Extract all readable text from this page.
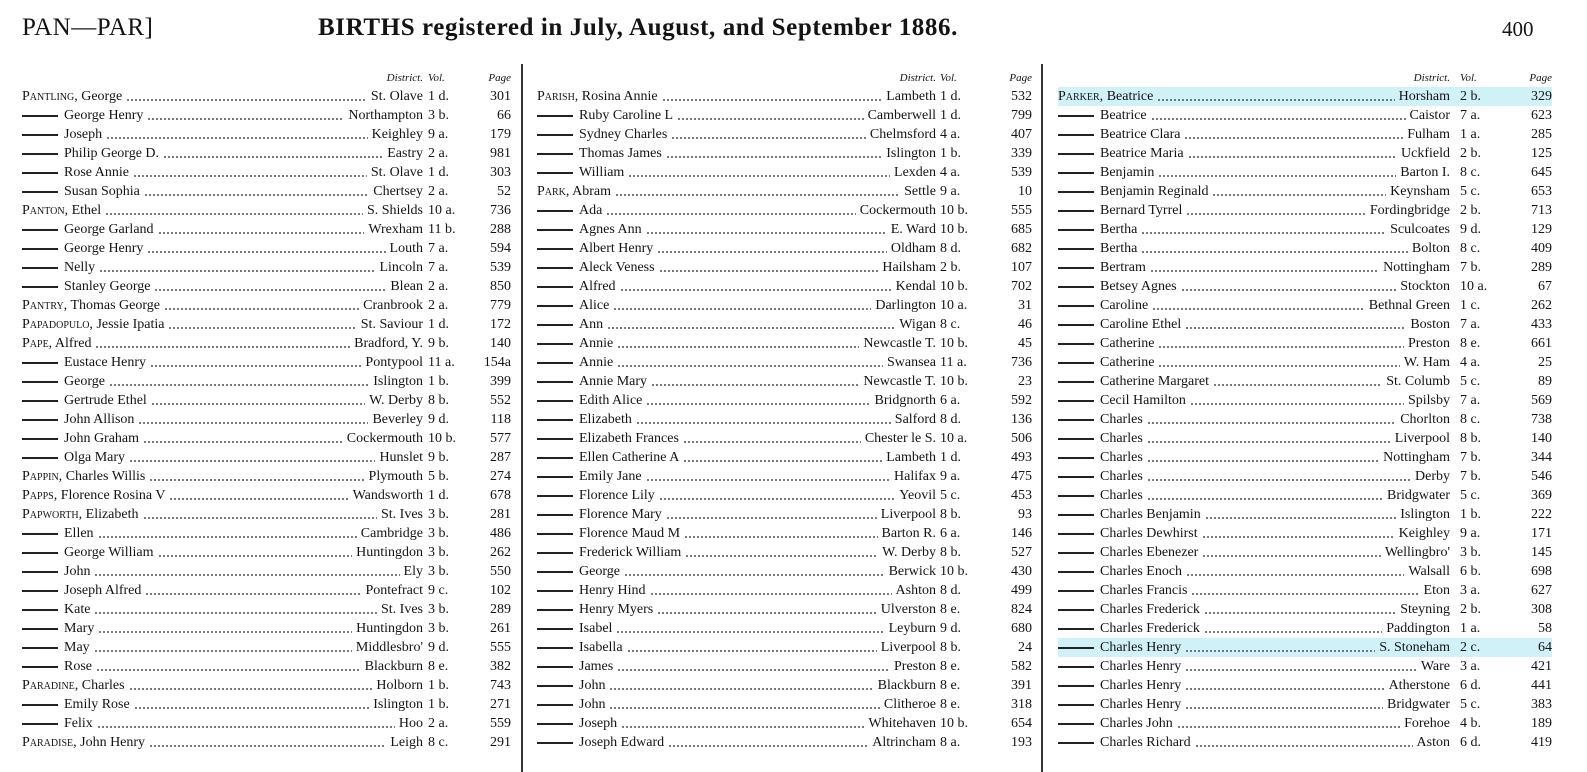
PAN—PAR]	BIRTHS registered in July, August, and September 1886.	400
District. Vol.	Page
Pantling, George	St. Olave 1 d.	301
George Henry	Northampton 3 b.	66
Joseph	Keighley 9 a.	179
Philip George D.	Eastry 2 a.	981
Rose Annie	St. Olave 1 d.	303
Susan Sophia	Chertsey 2 a.	52
Panton, Ethel	S. Shields 10 a. 736
George Garland	Wrexham 11 b. 288
George Henry	Louth 7 a.	594
Nelly	Lincoln 7 a.	539
Stanley George	Blean 2 a.	850
Pantry, Thomas George	Cranbrook 2 a.	779
Papadopulo, Jessie Ipatia	St. Saviour 1 d.	172
Pape, Alfred	Bradford, Y. 9 b.	140
Eustace Henry	Pontypool 11 a. 154a
George	Islington 1 b.	399
Gertrude Ethel	W. Derby 8 b.	552
John Allison	Beverley 9 d.	118
John Graham	Cockermouth 10 b. 577
Olga Mary	Hunslet 9 b.	287
Pappin, Charles Willis	Plymouth 5 b.	274
Papps, Florence Rosina V	Wandsworth 1 d.	678
Papworth, Elizabeth	St. Ives 3 b.	281
Ellen	Cambridge 3 b.	486
George William	Huntingdon 3 b.	262
John	Ely 3 b.	550
Joseph Alfred	Pontefract 9 c.	102
Kate	St. Ives 3 b.	289
Mary	Huntingdon 3 b.	261
May	Middlesbro' 9 d.	555
Rose	Blackburn 8 e.	382
Paradine, Charles	Holborn 1 b.	743
Emily Rose	Islington 1 b.	271
Felix	Hoo 2 a.	559
Paradise, John Henry	Leigh 8 c.	291
District. Vol.	Page
Parish, Rosina Annie	Lambeth 1 d.	532
Ruby Caroline L	Camberwell 1 d.	799
Sydney Charles	Chelmsford 4 a.	407
Thomas James	Islington 1 b.	339
William	Lexden 4 a.	539
Park, Abram	Settle 9 a.	10
Ada	Cockermouth 10 b.	555
Agnes Ann	E. Ward 10 b.	685
Albert Henry	Oldham 8 d.	682
Aleck Veness	Hailsham 2 b.	107
Alfred	Kendal 10 b.	702
Alice	Darlington 10 a.	31
Ann	Wigan 8 c.	46
Annie	Newcastle T. 10 b.	45
Annie	Swansea 11 a.	736
Annie Mary	Newcastle T. 10 b.	23
Edith Alice	Bridgnorth 6 a.	592
Elizabeth	Salford 8 d.	136
Elizabeth Frances	Chester le S. 10 a.	506
Ellen Catherine A	Lambeth 1 d.	493
Emily Jane	Halifax 9 a.	475
Florence Lily	Yeovil 5 c.	453
Florence Mary	Liverpool 8 b.	93
Florence Maud M	Barton R. 6 a.	146
Frederick William	W. Derby 8 b.	527
George	Berwick 10 b.	430
Henry Hind	Ashton 8 d.	499
Henry Myers	Ulverston 8 e.	824
Isabel	Leyburn 9 d.	680
Isabella	Liverpool 8 b.	24
James	Preston 8 e.	582
John	Blackburn 8 e.	391
John	Clitheroe 8 e.	318
Joseph	Whitehaven 10 b.	654
Joseph Edward	Altrincham 8 a.	193
District. Vol.	Page
Parker, Beatrice	Horsham 2 b.	329
Beatrice	Caistor 7 a.	623
Beatrice Clara	Fulham 1 a.	285
Beatrice Maria	Uckfield 2 b.	125
Benjamin	Barton I. 8 c.	645
Benjamin Reginald	Keynsham 5 c.	653
Bernard Tyrrel	Fordingbridge 2 b.	713
Bertha	Sculcoates 9 d.	129
Bertha	Bolton 8 c.	409
Bertram	Nottingham 7 b.	289
Betsey Agnes	Stockton 10 a.	67
Caroline	Bethnal Green 1 c.	262
Caroline Ethel	Boston 7 a.	433
Catherine	Preston 8 e.	661
Catherine	W. Ham 4 a.	25
Catherine Margaret	St. Columb 5 c.	89
Cecil Hamilton	Spilsby 7 a.	569
Charles	Chorlton 8 c.	738
Charles	Liverpool 8 b.	140
Charles	Nottingham 7 b.	344
Charles	Derby 7 b.	546
Charles	Bridgwater 5 c.	369
Charles Benjamin	Islington 1 b.	222
Charles Dewhirst	Keighley 9 a.	171
Charles Ebenezer	Wellingbro' 3 b.	145
Charles Enoch	Walsall 6 b.	698
Charles Francis	Eton 3 a.	627
Charles Frederick	Steyning 2 b.	308
Charles Frederick	Paddington 1 a.	58
Charles Henry	S. Stoneham 2 c.	64
Charles Henry	Ware 3 a.	421
Charles Henry	Atherstone 6 d.	441
Charles Henry	Bridgwater 5 c.	383
Charles John	Forehoe 4 b.	189
Charles Richard	Aston 6 d.	419
